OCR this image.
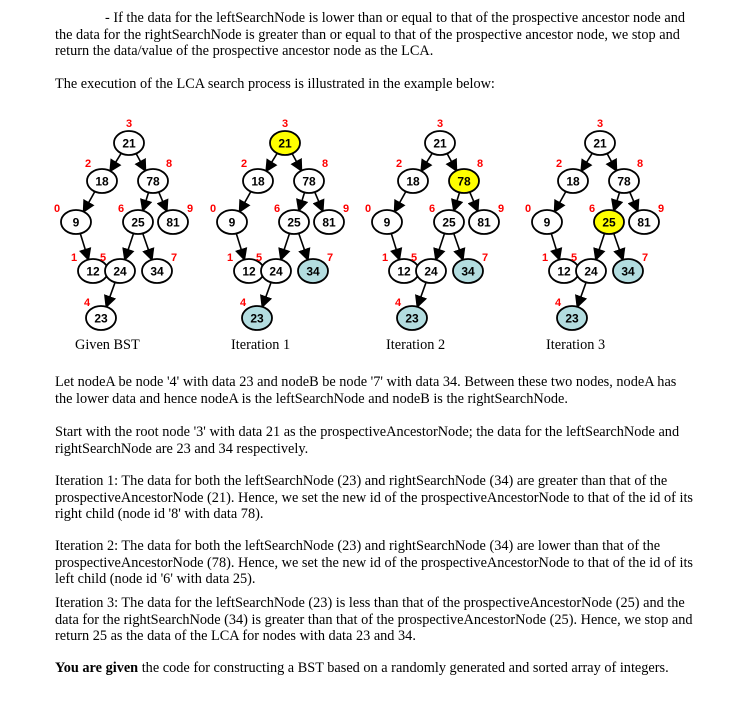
- If the data for the leftSearchNode is lower than or equal to that of the prospective ancestor node and the data for the rightSearchNode is greater than or equal to that of the prospective ancestor node, we stop and return the data/value of the prospective ancestor node as the LCA.

The execution of the LCA search process is illustrated in the example below:

21
3
18
2
78
8
9
0
25
6
81
9
12
1
24
5
34
7
23
4
21
3
18
2
78
8
9
0
25
6
81
9
12
1
24
5
34
7
23
4
21
3
18
2
78
8
9
0
25
6
81
9
12
1
24
5
34
7
23
4
21
3
18
2
78
8
9
0
25
6
81
9
12
1
24
5
34
7
23
4
Given BST	Iteration 1	Iteration 2	Iteration 3

Let nodeA be node '4' with data 23 and nodeB be node '7' with data 34. Between these two nodes, nodeA has the lower data and hence nodeA is the leftSearchNode and nodeB is the rightSearchNode.

Start with the root node '3' with data 21 as the prospectiveAncestorNode; the data for the leftSearchNode and rightSearchNode are 23 and 34 respectively.

Iteration 1: The data for both the leftSearchNode (23) and rightSearchNode (34) are greater than that of the prospectiveAncestorNode (21). Hence, we set the new id of the prospectiveAncestorNode to that of the id of its right child (node id '8' with data 78).

Iteration 2: The data for both the leftSearchNode (23) and rightSearchNode (34) are lower than that of the prospectiveAncestorNode (78). Hence, we set the new id of the prospectiveAncestorNode to that of the id of its left child (node id '6' with data 25).

Iteration 3: The data for the leftSearchNode (23) is less than that of the prospectiveAncestorNode (25) and the data for the rightSearchNode (34) is greater than that of the prospectiveAncestorNode (25). Hence, we stop and return 25 as the data of the LCA for nodes with data 23 and 34.

You are given the code for constructing a BST based on a randomly generated and sorted array of integers.
